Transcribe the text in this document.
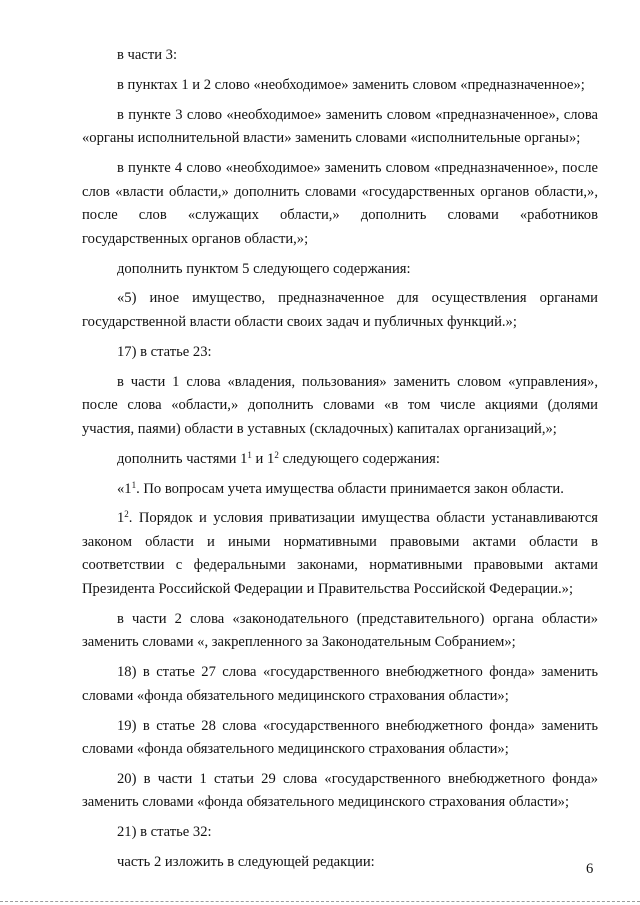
в части 3:

в пунктах 1 и 2 слово «необходимое» заменить словом «предназначенное»;

в пункте 3 слово «необходимое» заменить словом «предназначенное», слова «органы исполнительной власти» заменить словами «исполнительные органы»;

в пункте 4 слово «необходимое» заменить словом «предназначенное», после слов «власти области,» дополнить словами «государственных органов области,», после слов «служащих области,» дополнить словами «работников государственных органов области,»;

дополнить пунктом 5 следующего содержания:

«5) иное имущество, предназначенное для осуществления органами государственной власти области своих задач и публичных функций.»;

17) в статье 23:

в части 1 слова «владения, пользования» заменить словом «управления», после слова «области,» дополнить словами «в том числе акциями (долями участия, паями) области в уставных (складочных) капиталах организаций,»;

дополнить частями $1^1$ и $1^2$ следующего содержания:

«$1^1$. По вопросам учета имущества области принимается закон области.

$1^2$. Порядок и условия приватизации имущества области устанавливаются законом области и иными нормативными правовыми актами области в соответствии с федеральными законами, нормативными правовыми актами Президента Российской Федерации и Правительства Российской Федерации.»;

в части 2 слова «законодательного (представительного) органа области» заменить словами «, закрепленного за Законодательным Собранием»;

18) в статье 27 слова «государственного внебюджетного фонда» заменить словами «фонда обязательного медицинского страхования области»;

19) в статье 28 слова «государственного внебюджетного фонда» заменить словами «фонда обязательного медицинского страхования области»;

20) в части 1 статьи 29 слова «государственного внебюджетного фонда» заменить словами «фонда обязательного медицинского страхования области»;

21) в статье 32:

часть 2 изложить в следующей редакции:	6
